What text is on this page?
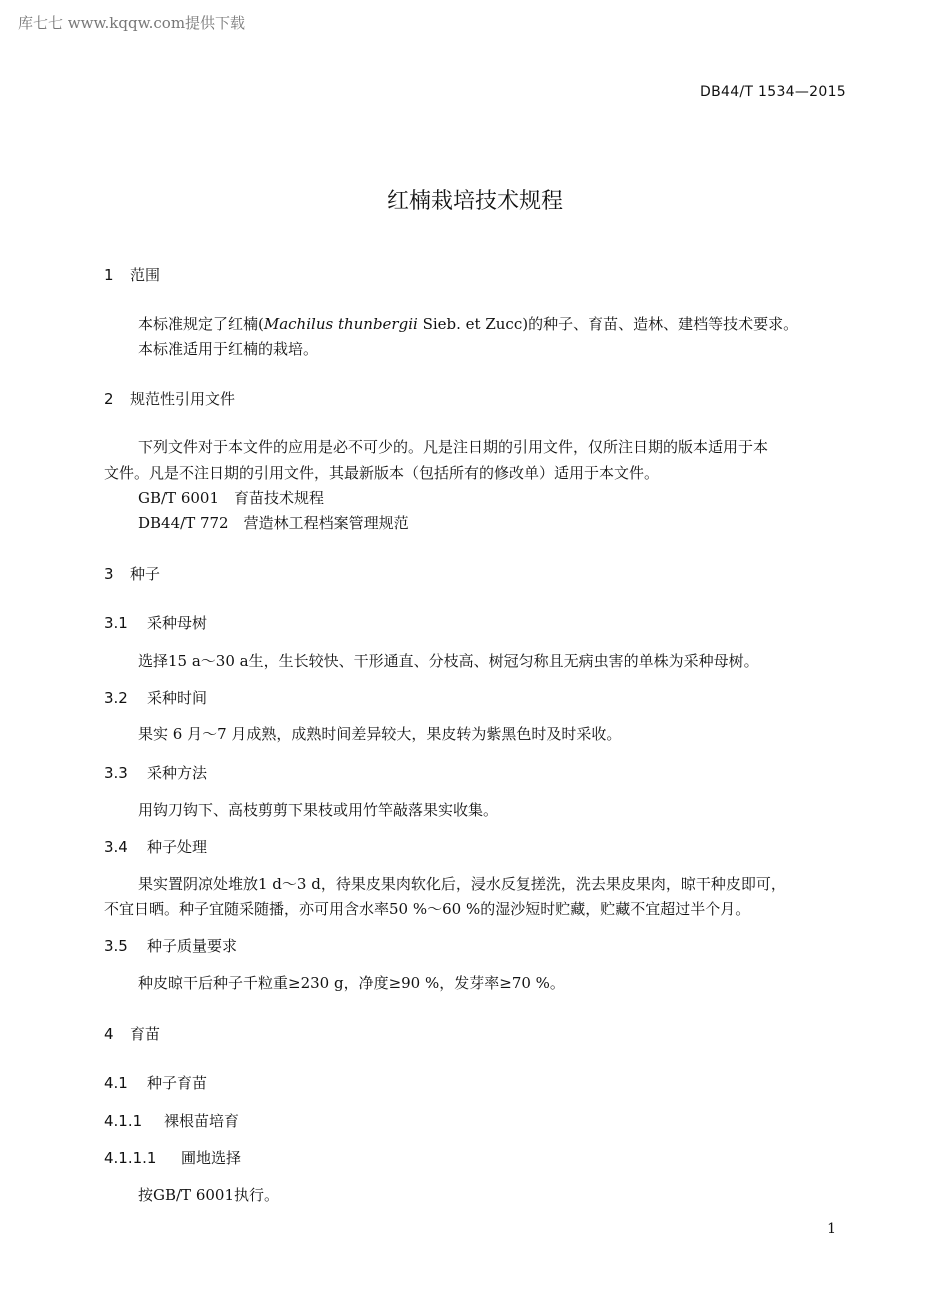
库七七 www.kqqw.com提供下载
DB44/T 1534—2015
红楠栽培技术规程
1 范围
本标准规定了红楠(Machilus thunbergii Sieb. et Zucc)的种子、育苗、造林、建档等技术要求。
本标准适用于红楠的栽培。
2 规范性引用文件
下列文件对于本文件的应用是必不可少的。凡是注日期的引用文件，仅所注日期的版本适用于本
文件。凡是不注日期的引用文件，其最新版本（包括所有的修改单）适用于本文件。
GB/T 6001　育苗技术规程
DB44/T 772　营造林工程档案管理规范
3 种子
3.1 采种母树
选择15 a～30 a生，生长较快、干形通直、分枝高、树冠匀称且无病虫害的单株为采种母树。
3.2 采种时间
果实 6 月～7 月成熟，成熟时间差异较大，果皮转为紫黑色时及时采收。
3.3 采种方法
用钩刀钩下、高枝剪剪下果枝或用竹竿敲落果实收集。
3.4 种子处理
果实置阴凉处堆放1 d～3 d，待果皮果肉软化后，浸水反复搓洗，洗去果皮果肉，晾干种皮即可，
不宜日晒。种子宜随采随播，亦可用含水率50 %～60 %的湿沙短时贮藏，贮藏不宜超过半个月。
3.5 种子质量要求
种皮晾干后种子千粒重≥230 g，净度≥90 %，发芽率≥70 %。
4 育苗
4.1 种子育苗
4.1.1 裸根苗培育
4.1.1.1 圃地选择
按GB/T 6001执行。
1
